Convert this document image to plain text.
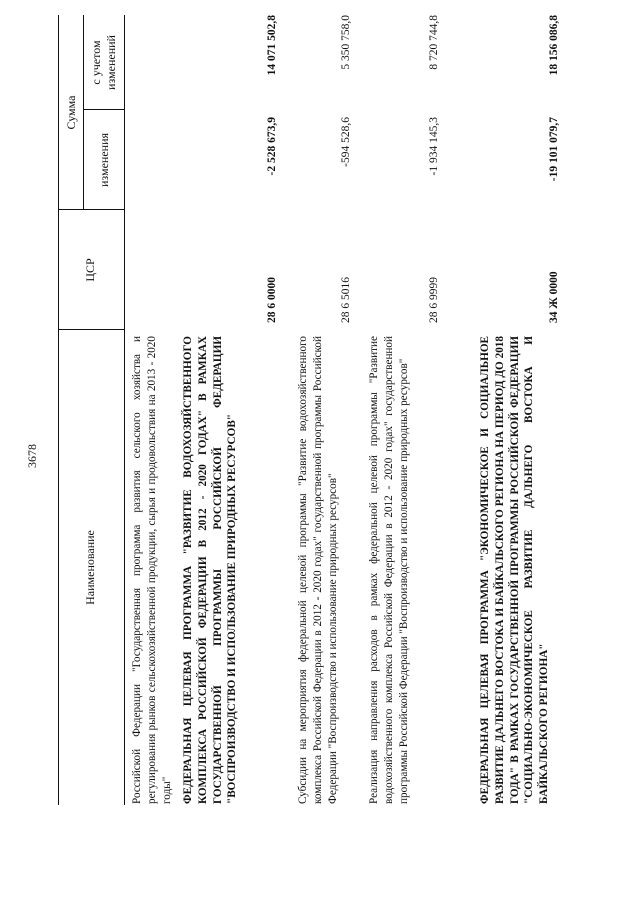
3678
Наименование
ЦСР
Сумма
изменения
с учетом изменений
Российской Федерации "Государственная программа развития сельского хозяйства и регулирования рынков сельскохозяйственной продукции, сырья и продовольствия на 2013 - 2020 годы" ФЕДЕРАЛЬНАЯ ЦЕЛЕВАЯ ПРОГРАММА "РАЗВИТИЕ ВОДОХОЗЯЙСТВЕННОГО КОМПЛЕКСА РОССИЙСКОЙ ФЕДЕРАЦИИ В 2012 - 2020 ГОДАХ" В РАМКАХ ГОСУДАРСТВЕННОЙ ПРОГРАММЫ РОССИЙСКОЙ ФЕДЕРАЦИИ "ВОСПРОИЗВОДСТВО И ИСПОЛЬЗОВАНИЕ ПРИРОДНЫХ РЕСУРСОВ"
28 6 0000
-2 528 673,9
14 071 502,8
Субсидии на мероприятия федеральной целевой программы "Развитие водохозяйственного комплекса Российской Федерации в 2012 - 2020 годах" государственной программы Российской Федерации "Воспроизводство и использование природных ресурсов"
28 6 5016
-594 528,6
5 350 758,0
Реализация направления расходов в рамках федеральной целевой программы "Развитие водохозяйственного комплекса Российской Федерации в 2012 - 2020 годах" государственной программы Российской Федерации "Воспроизводство и использование природных ресурсов"
28 6 9999
-1 934 145,3
8 720 744,8
ФЕДЕРАЛЬНАЯ ЦЕЛЕВАЯ ПРОГРАММА "ЭКОНОМИЧЕСКОЕ И СОЦИАЛЬНОЕ РАЗВИТИЕ ДАЛЬНЕГО ВОСТОКА И БАЙКАЛЬСКОГО РЕГИОНА НА ПЕРИОД ДО 2018 ГОДА" В РАМКАХ ГОСУДАРСТВЕННОЙ ПРОГРАММЫ РОССИЙСКОЙ ФЕДЕРАЦИИ "СОЦИАЛЬНО-ЭКОНОМИЧЕСКОЕ РАЗВИТИЕ ДАЛЬНЕГО ВОСТОКА И БАЙКАЛЬСКОГО РЕГИОНА"
34 Ж 0000
-19 101 079,7
18 156 086,8
